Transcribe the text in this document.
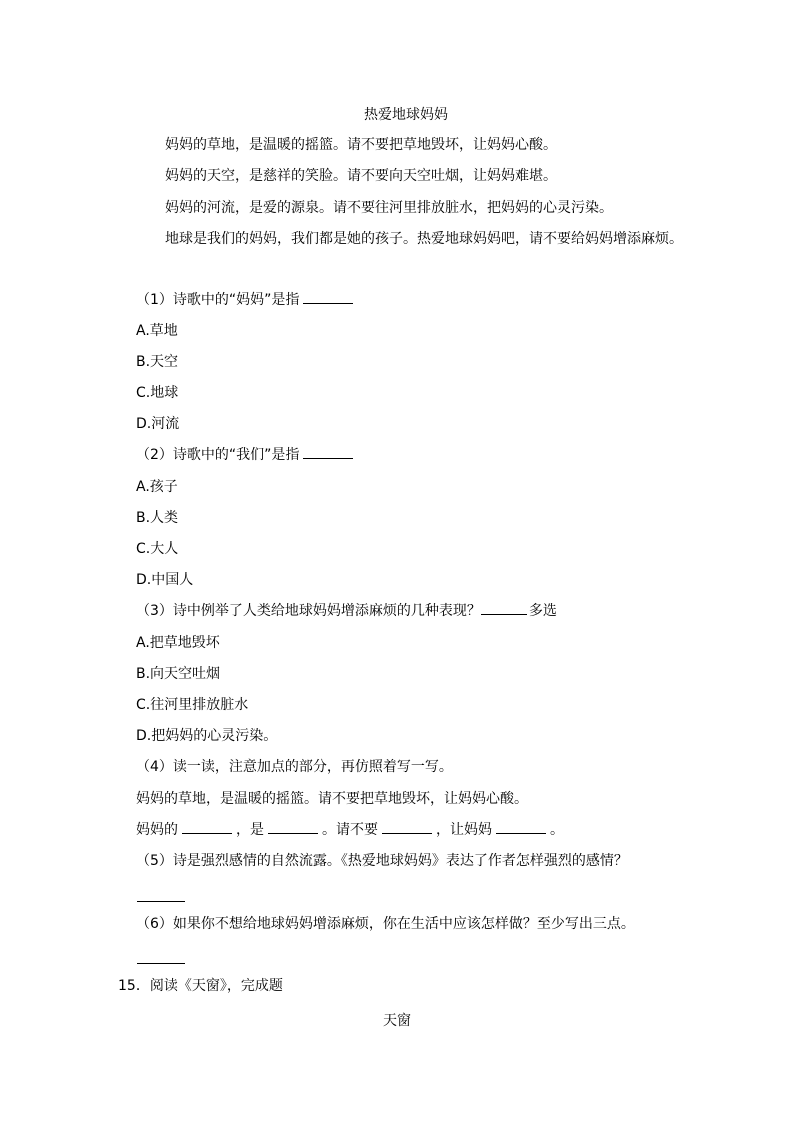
热爱地球妈妈
妈妈的草地，是温暖的摇篮。请不要把草地毁坏，让妈妈心酸。
妈妈的天空，是慈祥的笑脸。请不要向天空吐烟，让妈妈难堪。
妈妈的河流，是爱的源泉。请不要往河里排放脏水，把妈妈的心灵污染。
地球是我们的妈妈，我们都是她的孩子。热爱地球妈妈吧，请不要给妈妈增添麻烦。
（1）诗歌中的“妈妈”是指
A.草地
B.天空
C.地球
D.河流
（2）诗歌中的“我们”是指
A.孩子
B.人类
C.大人
D.中国人
（3）诗中例举了人类给地球妈妈增添麻烦的几种表现？	多选
A.把草地毁坏
B.向天空吐烟
C.往河里排放脏水
D.把妈妈的心灵污染。
（4）读一读，注意加点的部分，再仿照着写一写。
妈妈的草地，是温暖的摇篮。请不要把草地毁坏，让妈妈心酸。
妈妈的	，是	。请不要	，让妈妈	。
（5）诗是强烈感情的自然流露。《热爱地球妈妈》表达了作者怎样强烈的感情？
（6）如果你不想给地球妈妈增添麻烦，你在生活中应该怎样做？至少写出三点。
15．阅读《天窗》，完成题
天窗
